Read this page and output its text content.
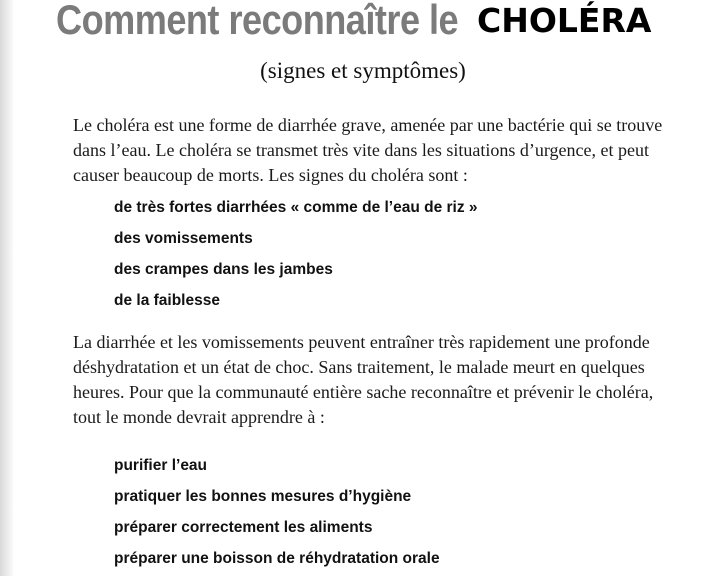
Comment reconnaître le CHOLÉRA

(signes et symptômes)

Le choléra est une forme de diarrhée grave, amenée par une bactérie qui se trouve dans l’eau. Le choléra se transmet très vite dans les situations d’urgence, et peut causer beaucoup de morts. Les signes du choléra sont :

de très fortes diarrhées « comme de l’eau de riz »
des vomissements
des crampes dans les jambes
de la faiblesse

La diarrhée et les vomissements peuvent entraîner très rapidement une profonde déshydratation et un état de choc. Sans traitement, le malade meurt en quelques heures. Pour que la communauté entière sache reconnaître et prévenir le choléra, tout le monde devrait apprendre à :

purifier l’eau
pratiquer les bonnes mesures d’hygiène
préparer correctement les aliments
préparer une boisson de réhydratation orale
